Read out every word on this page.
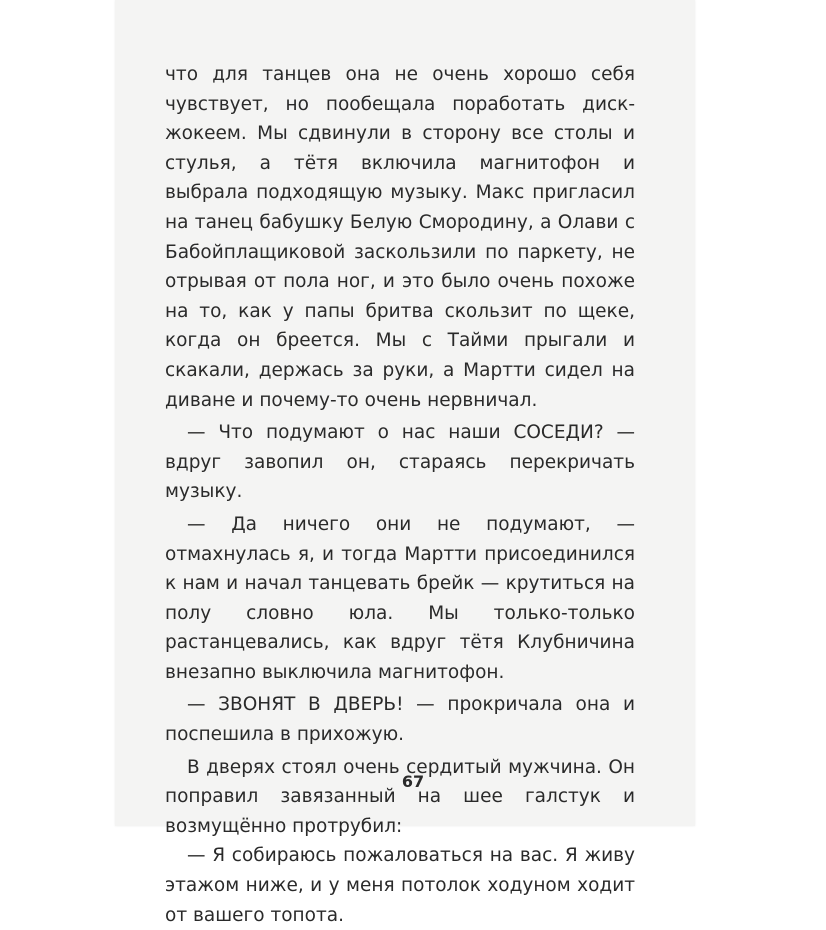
что для танцев она не очень хорошо себя чувствует, но пообещала поработать диск-жокеем. Мы сдвинули в сторону все столы и стулья, а тётя включила магнитофон и выбрала подходящую музыку. Макс пригласил на танец бабушку Белую Смородину, а Олави с Бабойплащиковой заскользили по паркету, не отрывая от пола ног, и это было очень похоже на то, как у папы бритва скользит по щеке, когда он бреется. Мы с Тайми прыгали и скакали, держась за руки, а Мартти сидел на диване и почему-то очень нервничал.

— Что подумают о нас наши СОСЕДИ? — вдруг завопил он, стараясь перекричать музыку.

— Да ничего они не подумают, — отмахнулась я, и тогда Мартти присоединился к нам и начал танцевать брейк — крутиться на полу словно юла. Мы только-только растанцевались, как вдруг тётя Клубничина внезапно выключила магнитофон.

— ЗВОНЯТ В ДВЕРЬ! — прокричала она и поспешила в прихожую.

В дверях стоял очень сердитый мужчина. Он поправил завязанный на шее галстук и возмущённо протрубил:

— Я собираюсь пожаловаться на вас. Я живу этажом ниже, и у меня потолок ходуном ходит от вашего топота.

67
